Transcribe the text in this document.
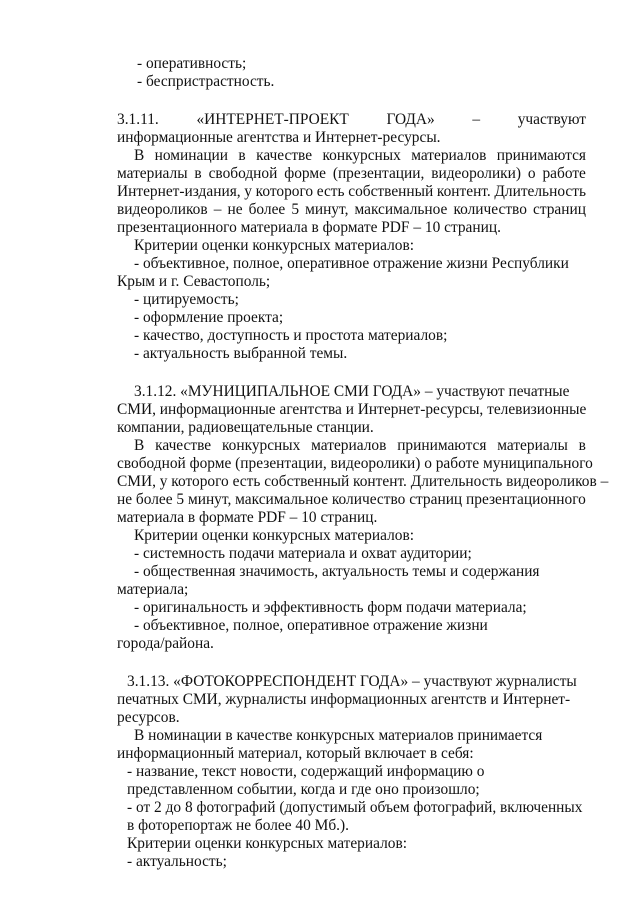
- оперативность;
- беспристрастность.
3.1.11. «ИНТЕРНЕТ-ПРОЕКТ ГОДА» – участвуют
информационные агентства и Интернет-ресурсы.
В номинации в качестве конкурсных материалов принимаются
материалы в свободной форме (презентации, видеоролики) о работе
Интернет-издания, у которого есть собственный контент. Длительность
видеороликов – не более 5 минут, максимальное количество страниц
презентационного материала в формате PDF – 10 страниц.
Критерии оценки конкурсных материалов:
- объективное, полное, оперативное отражение жизни Республики
Крым и г. Севастополь;
- цитируемость;
- оформление проекта;
- качество, доступность и простота материалов;
- актуальность выбранной темы.
3.1.12. «МУНИЦИПАЛЬНОЕ СМИ ГОДА» – участвуют печатные
СМИ, информационные агентства и Интернет-ресурсы, телевизионные
компании, радиовещательные станции.
В качестве конкурсных материалов принимаются материалы в
свободной форме (презентации, видеоролики) о работе муниципального
СМИ, у которого есть собственный контент. Длительность видеороликов –
не более 5 минут, максимальное количество страниц презентационного
материала в формате PDF – 10 страниц.
Критерии оценки конкурсных материалов:
- системность подачи материала и охват аудитории;
- общественная значимость, актуальность темы и содержания
материала;
- оригинальность и эффективность форм подачи материала;
- объективное, полное, оперативное отражение жизни
города/района.
3.1.13. «ФОТОКОРРЕСПОНДЕНТ ГОДА» – участвуют журналисты
печатных СМИ, журналисты информационных агентств и Интернет-
ресурсов.
В номинации в качестве конкурсных материалов принимается
информационный материал, который включает в себя:
- название, текст новости, содержащий информацию о
представленном событии, когда и где оно произошло;
- от 2 до 8 фотографий (допустимый объем фотографий, включенных
в фоторепортаж не более 40 Мб.).
Критерии оценки конкурсных материалов:
- актуальность;
